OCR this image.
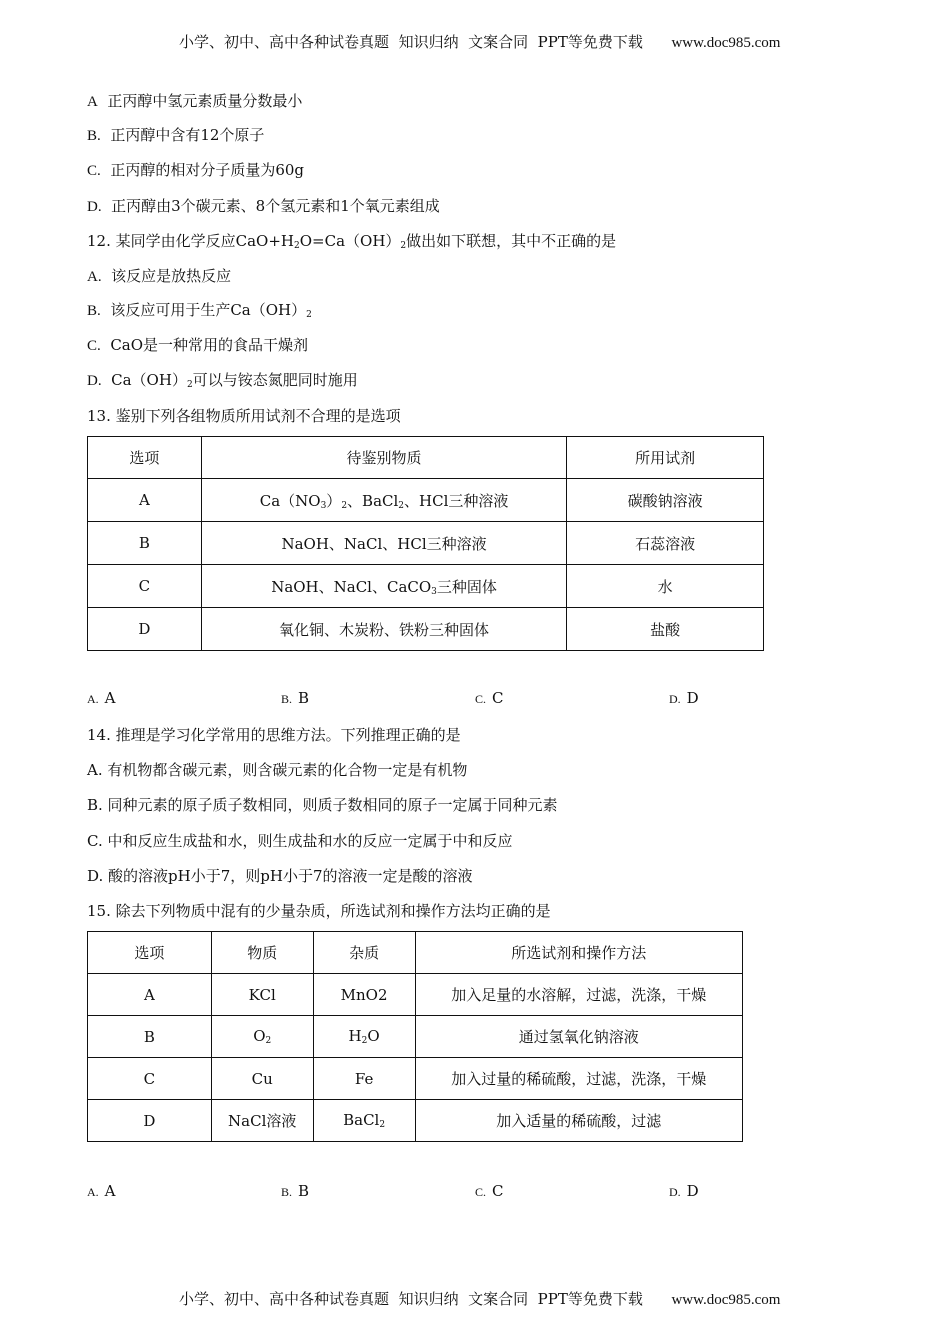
小学、初中、高中各种试卷真题  知识归纳  文案合同  PPT等免费下载 www.doc985.com

A 正丙醇中氢元素质量分数最小
B. 正丙醇中含有12个原子
C. 正丙醇的相对分子质量为60g
D. 正丙醇由3个碳元素、8个氢元素和1个氧元素组成
12. 某同学由化学反应$CaO+H_2O=Ca(OH)_2$做出如下联想，其中不正确的是
A. 该反应是放热反应
B. 该反应可用于生产$Ca(OH)_2$
C. CaO是一种常用的食品干燥剂
D. $Ca(OH)_2$可以与铵态氮肥同时施用
13. 鉴别下列各组物质所用试剂不合理的是选项
选项	待鉴别物质	所用试剂
A	$Ca(NO_3)_2$、BaCl$_2$、HCl三种溶液	碳酸钠溶液
B	NaOH、NaCl、HCl三种溶液	石蕊溶液
C	NaOH、NaCl、CaCO$_3$三种固体	水
D	氧化铜、木炭粉、铁粉三种固体	盐酸
A. A	B. B	C. C	D. D
14. 推理是学习化学常用的思维方法。下列推理正确的是
A. 有机物都含碳元素，则含碳元素的化合物一定是有机物
B. 同种元素的原子质子数相同，则质子数相同的原子一定属于同种元素
C. 中和反应生成盐和水，则生成盐和水的反应一定属于中和反应
D. 酸的溶液pH小于7，则pH小于7的溶液一定是酸的溶液
15. 除去下列物质中混有的少量杂质，所选试剂和操作方法均正确的是
选项	物质	杂质	所选试剂和操作方法
A	KCl	MnO2	加入足量的水溶解，过滤，洗涤，干燥
B	$O_2$	$H_2O$	通过氢氧化钠溶液
C	Cu	Fe	加入过量的稀硫酸，过滤，洗涤，干燥
D	NaCl溶液	BaCl$_2$	加入适量的稀硫酸，过滤
A. A	B. B	C. C	D. D

小学、初中、高中各种试卷真题  知识归纳  文案合同  PPT等免费下载 www.doc985.com
